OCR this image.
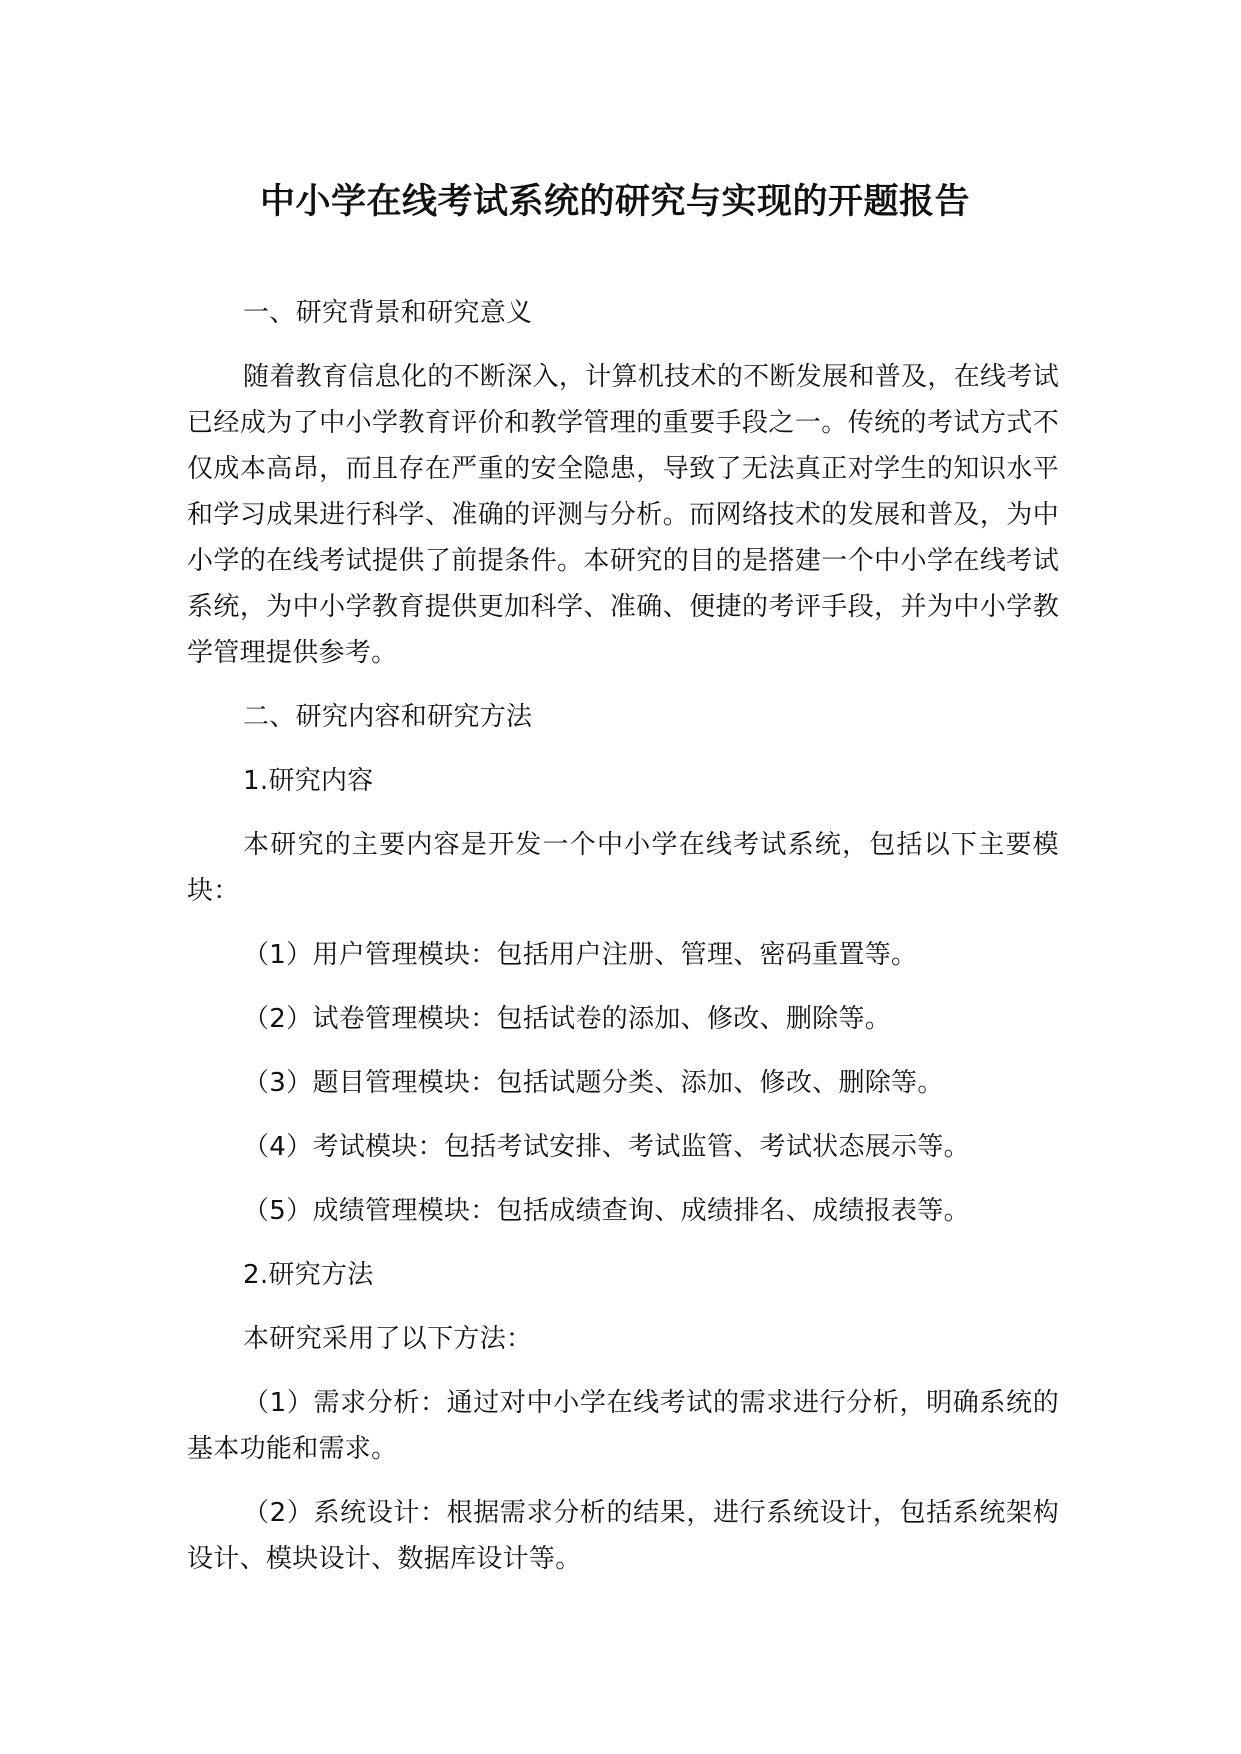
中小学在线考试系统的研究与实现的开题报告

一、研究背景和研究意义

随着教育信息化的不断深入，计算机技术的不断发展和普及，在线考试已经成为了中小学教育评价和教学管理的重要手段之一。传统的考试方式不仅成本高昂，而且存在严重的安全隐患，导致了无法真正对学生的知识水平和学习成果进行科学、准确的评测与分析。而网络技术的发展和普及，为中小学的在线考试提供了前提条件。本研究的目的是搭建一个中小学在线考试系统，为中小学教育提供更加科学、准确、便捷的考评手段，并为中小学教学管理提供参考。

二、研究内容和研究方法

1.研究内容

本研究的主要内容是开发一个中小学在线考试系统，包括以下主要模块：

（1）用户管理模块：包括用户注册、管理、密码重置等。

（2）试卷管理模块：包括试卷的添加、修改、删除等。

（3）题目管理模块：包括试题分类、添加、修改、删除等。

（4）考试模块：包括考试安排、考试监管、考试状态展示等。

（5）成绩管理模块：包括成绩查询、成绩排名、成绩报表等。

2.研究方法

本研究采用了以下方法：

（1）需求分析：通过对中小学在线考试的需求进行分析，明确系统的基本功能和需求。

（2）系统设计：根据需求分析的结果，进行系统设计，包括系统架构设计、模块设计、数据库设计等。
